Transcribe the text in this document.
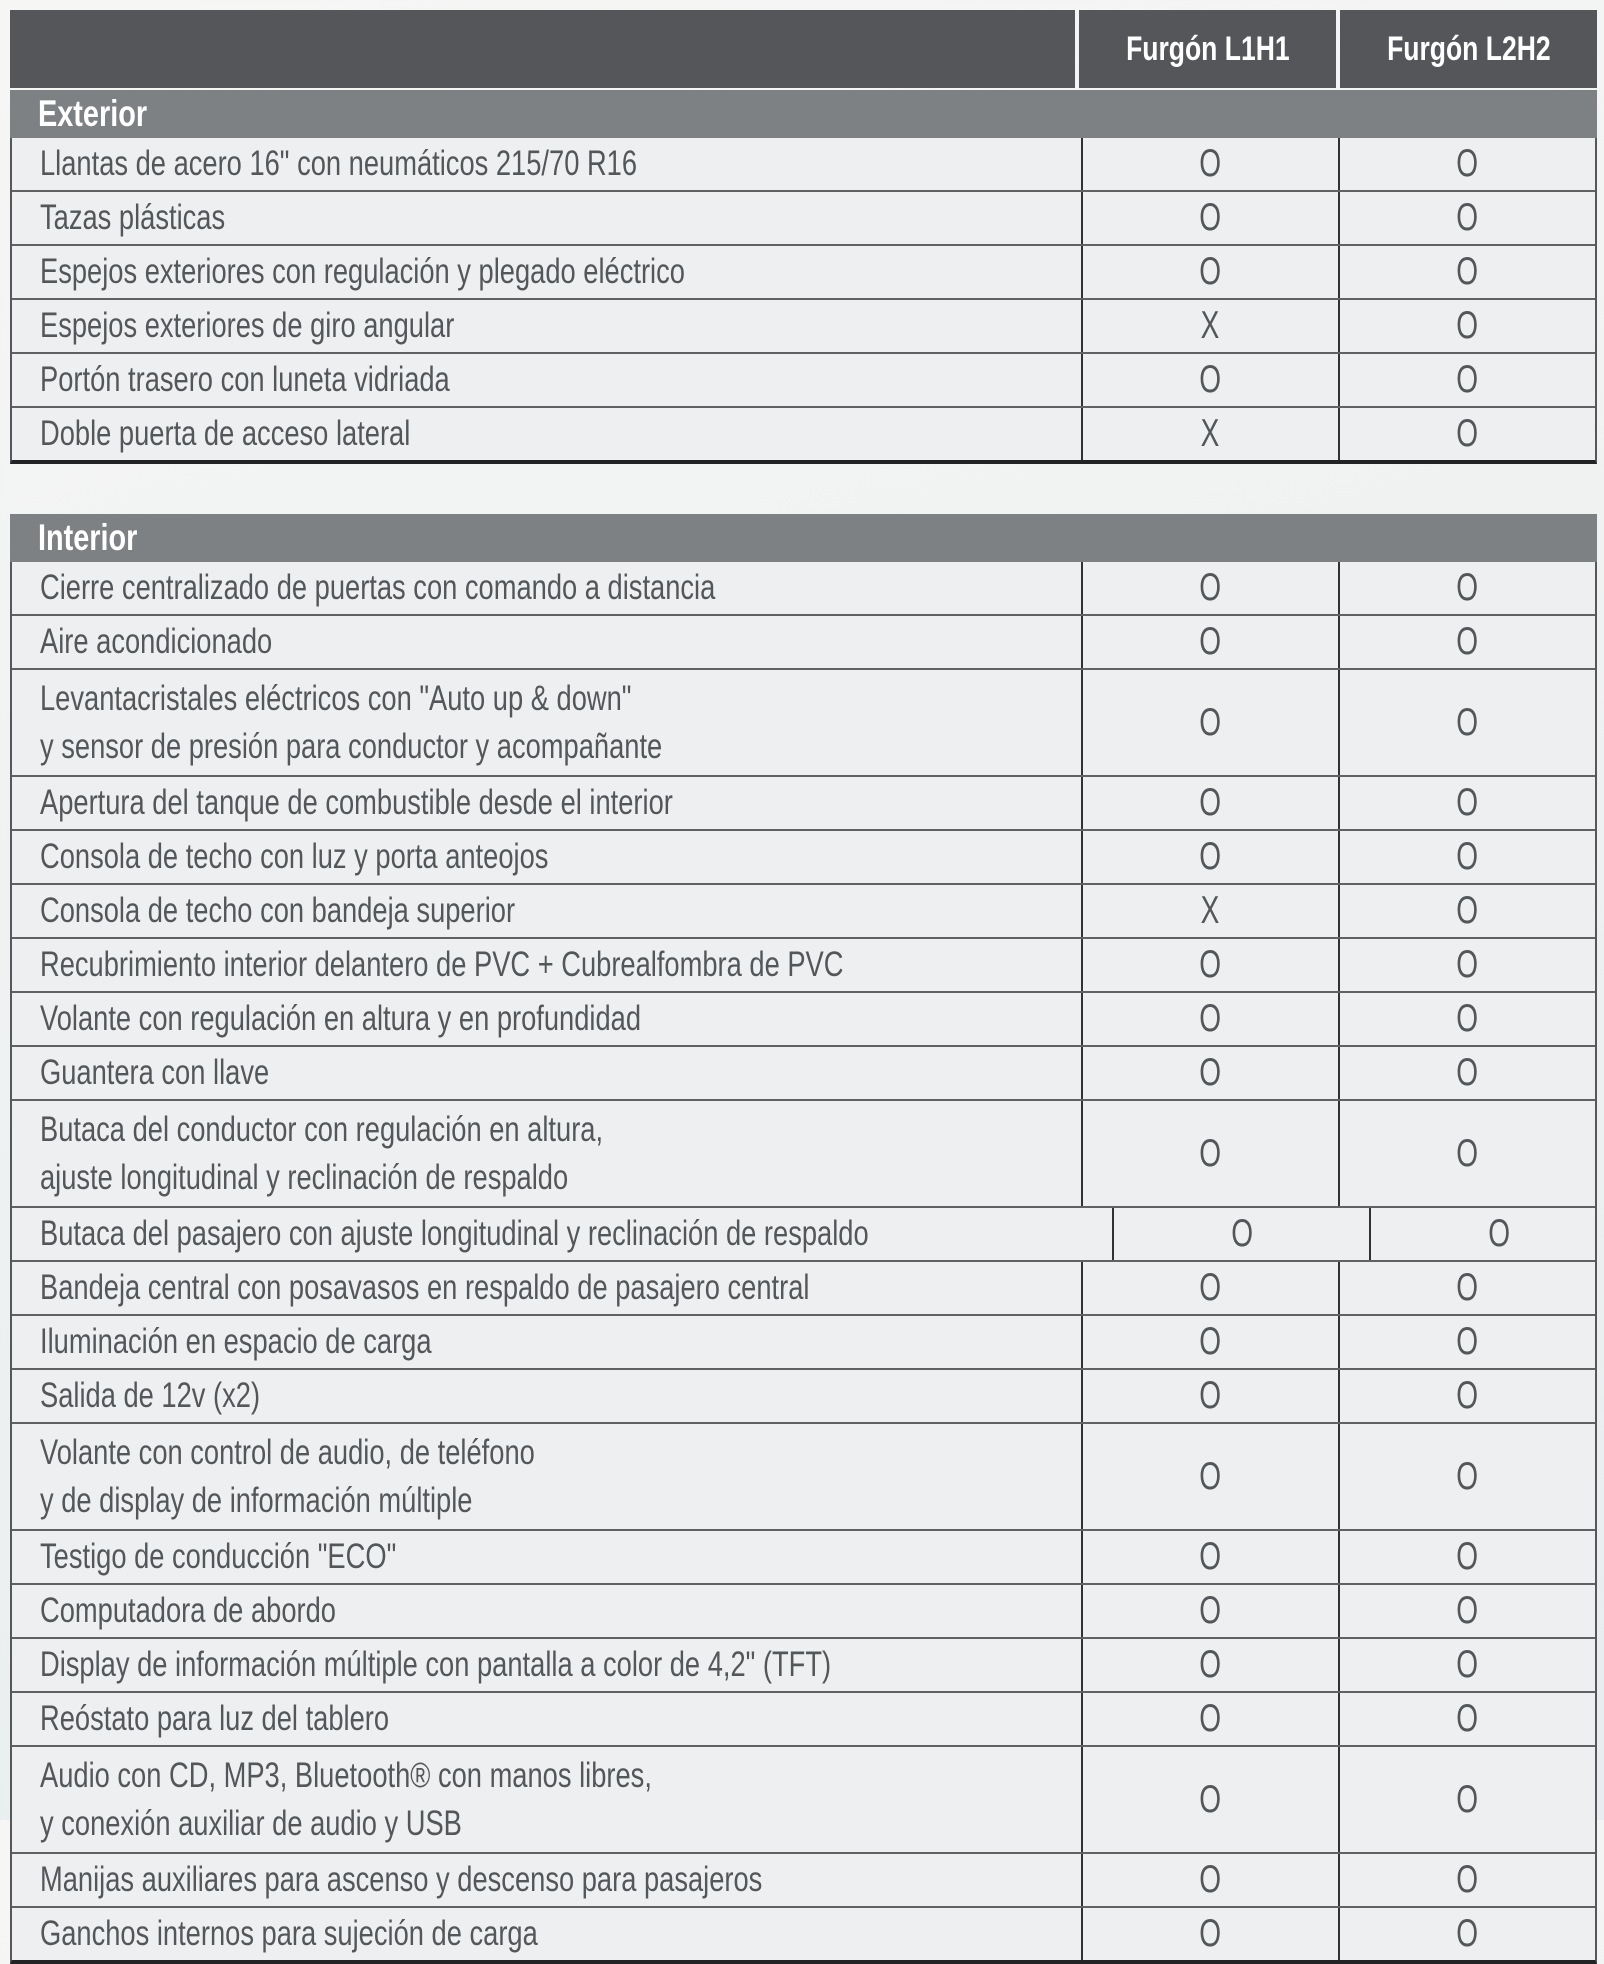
Furgón L1H1	Furgón L2H2
Exterior
Llantas de acero 16" con neumáticos 215/70 R16	O	O
Tazas plásticas	O	O
Espejos exteriores con regulación y plegado eléctrico	O	O
Espejos exteriores de giro angular	X	O
Portón trasero con luneta vidriada	O	O
Doble puerta de acceso lateral	X	O
Interior
Cierre centralizado de puertas con comando a distancia	O	O
Aire acondicionado	O	O
Levantacristales eléctricos con "Auto up & down"
y sensor de presión para conductor y acompañante
O	O
Apertura del tanque de combustible desde el interior	O	O
Consola de techo con luz y porta anteojos	O	O
Consola de techo con bandeja superior	X	O
Recubrimiento interior delantero de PVC + Cubrealfombra de PVC	O	O
Volante con regulación en altura y en profundidad	O	O
Guantera con llave	O	O
Butaca del conductor con regulación en altura,
ajuste longitudinal y reclinación de respaldo
O	O
Butaca del pasajero con ajuste longitudinal y reclinación de respaldo	O	O
Bandeja central con posavasos en respaldo de pasajero central	O	O
Iluminación en espacio de carga	O	O
Salida de 12v (x2)	O	O
Volante con control de audio, de teléfono
y de display de información múltiple
O	O
Testigo de conducción "ECO"	O	O
Computadora de abordo	O	O
Display de información múltiple con pantalla a color de 4,2" (TFT)	O	O
Reóstato para luz del tablero	O	O
Audio con CD, MP3, Bluetooth® con manos libres,
y conexión auxiliar de audio y USB
O	O
Manijas auxiliares para ascenso y descenso para pasajeros	O	O
Ganchos internos para sujeción de carga	O	O
